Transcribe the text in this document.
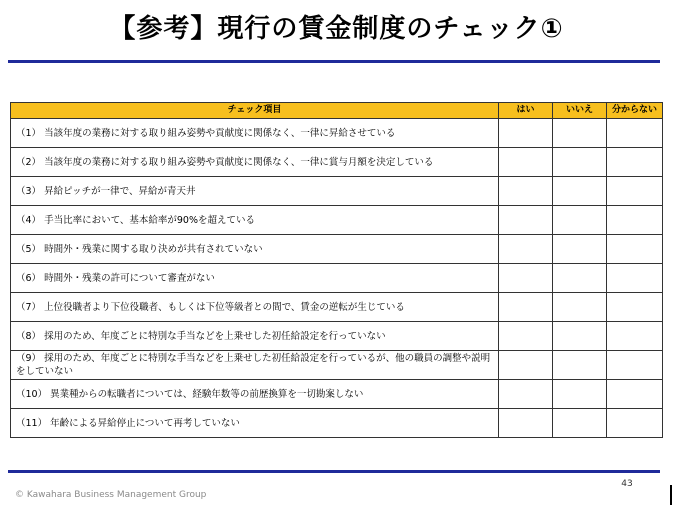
【参考】現行の賃金制度のチェック①
チェック項目	はい	いいえ	分からない
（1） 当該年度の業務に対する取り組み姿勢や貢献度に関係なく、一律に昇給させている			
（2） 当該年度の業務に対する取り組み姿勢や貢献度に関係なく、一律に賞与月額を決定している			
（3） 昇給ピッチが一律で、昇給が青天井			
（4） 手当比率において、基本給率が90%を超えている			
（5） 時間外・残業に関する取り決めが共有されていない			
（6） 時間外・残業の許可について審査がない			
（7） 上位役職者より下位役職者、もしくは下位等級者との間で、賃金の逆転が生じている			
（8） 採用のため、年度ごとに特別な手当などを上乗せした初任給設定を行っていない			
（9） 採用のため、年度ごとに特別な手当などを上乗せした初任給設定を行っているが、他の職員の調整や説明をしていない			
（10） 異業種からの転職者については、経験年数等の前歴換算を一切勘案しない			
（11） 年齢による昇給停止について再考していない			
43
© Kawahara Business Management Group
